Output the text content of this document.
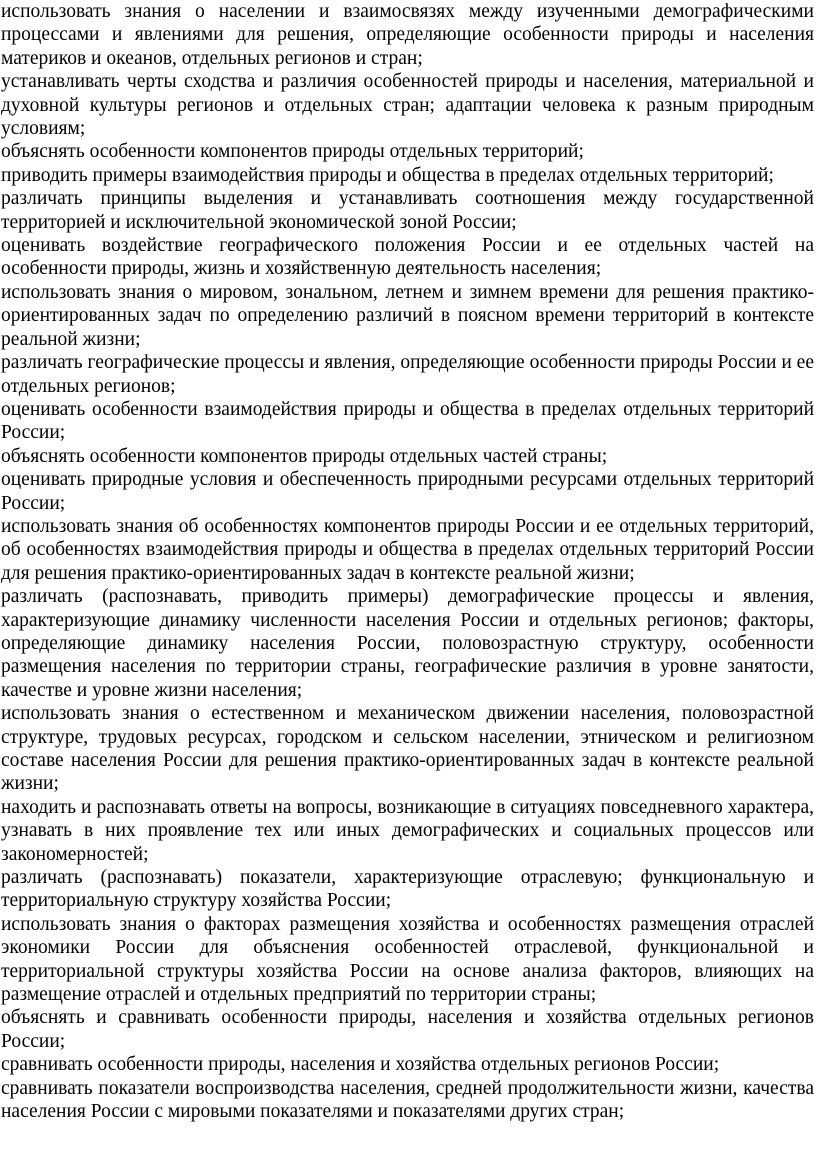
использовать знания о населении и взаимосвязях между изученными демографическими процессами и явлениями для решения, определяющие особенности природы и населения материков и океанов, отдельных регионов и стран;

устанавливать черты сходства и различия особенностей природы и населения, материальной и духовной культуры регионов и отдельных стран; адаптации человека к разным природным условиям;

объяснять особенности компонентов природы отдельных территорий;

приводить примеры взаимодействия природы и общества в пределах отдельных территорий;

различать принципы выделения и устанавливать соотношения между государственной территорией и исключительной экономической зоной России;

оценивать воздействие географического положения России и ее отдельных частей на особенности природы, жизнь и хозяйственную деятельность населения;

использовать знания о мировом, зональном, летнем и зимнем времени для решения практико-ориентированных задач по определению различий в поясном времени территорий в контексте реальной жизни;

различать географические процессы и явления, определяющие особенности природы России и ее отдельных регионов;

оценивать особенности взаимодействия природы и общества в пределах отдельных территорий России;

объяснять особенности компонентов природы отдельных частей страны;

оценивать природные условия и обеспеченность природными ресурсами отдельных территорий России;

использовать знания об особенностях компонентов природы России и ее отдельных территорий, об особенностях взаимодействия природы и общества в пределах отдельных территорий России для решения практико-ориентированных задач в контексте реальной жизни;

различать (распознавать, приводить примеры) демографические процессы и явления, характеризующие динамику численности населения России и отдельных регионов; факторы, определяющие динамику населения России, половозрастную структуру, особенности размещения населения по территории страны, географические различия в уровне занятости, качестве и уровне жизни населения;

использовать знания о естественном и механическом движении населения, половозрастной структуре, трудовых ресурсах, городском и сельском населении, этническом и религиозном составе населения России для решения практико-ориентированных задач в контексте реальной жизни;

находить и распознавать ответы на вопросы, возникающие в ситуациях повседневного характера, узнавать в них проявление тех или иных демографических и социальных процессов или закономерностей;

различать (распознавать) показатели, характеризующие отраслевую; функциональную и территориальную структуру хозяйства России;

использовать знания о факторах размещения хозяйства и особенностях размещения отраслей экономики России для объяснения особенностей отраслевой, функциональной и территориальной структуры хозяйства России на основе анализа факторов, влияющих на размещение отраслей и отдельных предприятий по территории страны;

объяснять и сравнивать особенности природы, населения и хозяйства отдельных регионов России;

сравнивать особенности природы, населения и хозяйства отдельных регионов России;

сравнивать показатели воспроизводства населения, средней продолжительности жизни, качества населения России с мировыми показателями и показателями других стран;
